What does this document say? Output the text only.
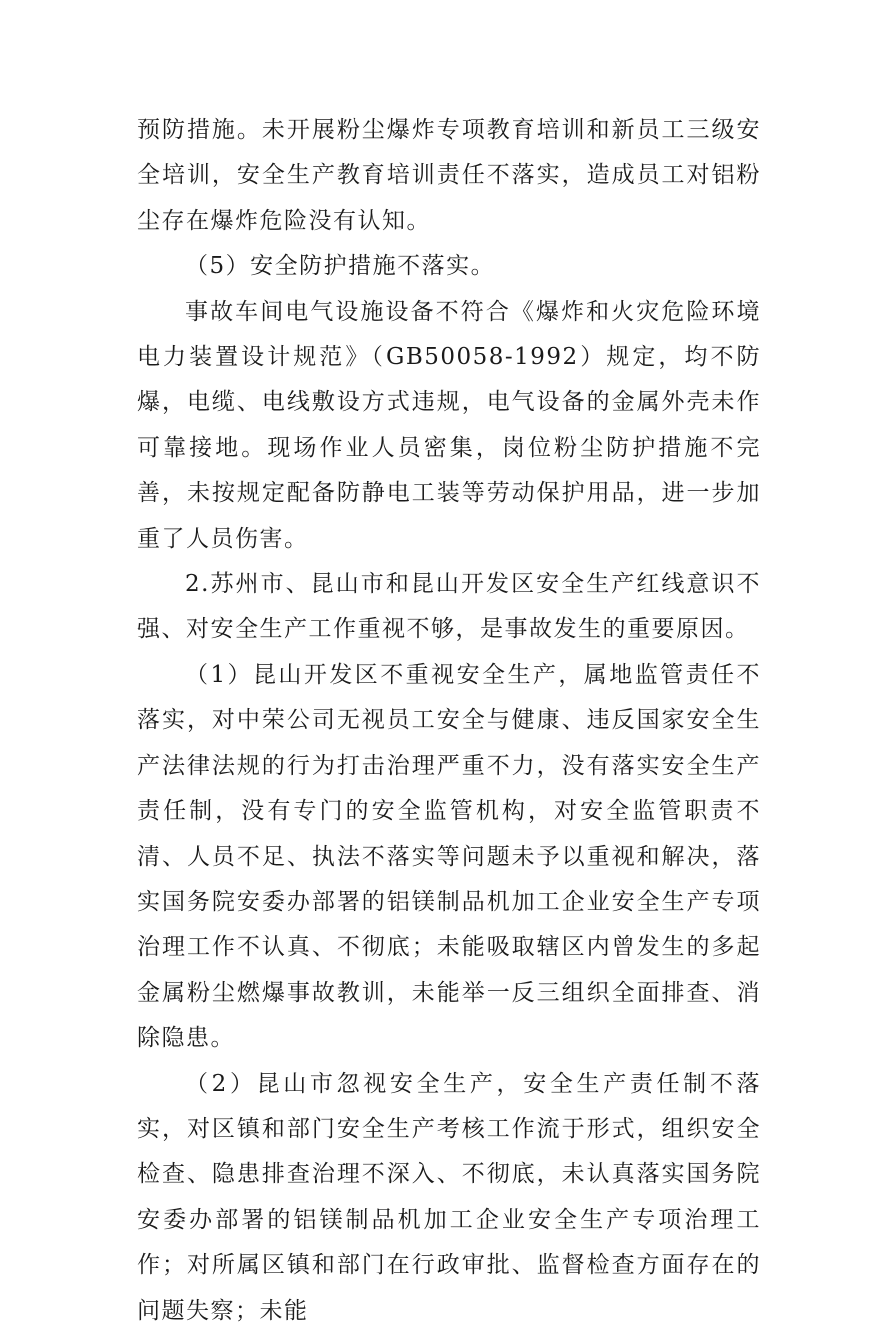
预防措施。未开展粉尘爆炸专项教育培训和新员工三级安全培训，安全生产教育培训责任不落实，造成员工对铝粉尘存在爆炸危险没有认知。

（5）安全防护措施不落实。

事故车间电气设施设备不符合《爆炸和火灾危险环境电力装置设计规范》（GB50058-1992）规定，均不防爆，电缆、电线敷设方式违规，电气设备的金属外壳未作可靠接地。现场作业人员密集，岗位粉尘防护措施不完善，未按规定配备防静电工装等劳动保护用品，进一步加重了人员伤害。

2.苏州市、昆山市和昆山开发区安全生产红线意识不强、对安全生产工作重视不够，是事故发生的重要原因。

（1）昆山开发区不重视安全生产，属地监管责任不落实，对中荣公司无视员工安全与健康、违反国家安全生产法律法规的行为打击治理严重不力，没有落实安全生产责任制，没有专门的安全监管机构，对安全监管职责不清、人员不足、执法不落实等问题未予以重视和解决，落实国务院安委办部署的铝镁制品机加工企业安全生产专项治理工作不认真、不彻底；未能吸取辖区内曾发生的多起金属粉尘燃爆事故教训，未能举一反三组织全面排查、消除隐患。

（2）昆山市忽视安全生产，安全生产责任制不落实，对区镇和部门安全生产考核工作流于形式，组织安全检查、隐患排查治理不深入、不彻底，未认真落实国务院安委办部署的铝镁制品机加工企业安全生产专项治理工作；对所属区镇和部门在行政审批、监督检查方面存在的问题失察；未能
